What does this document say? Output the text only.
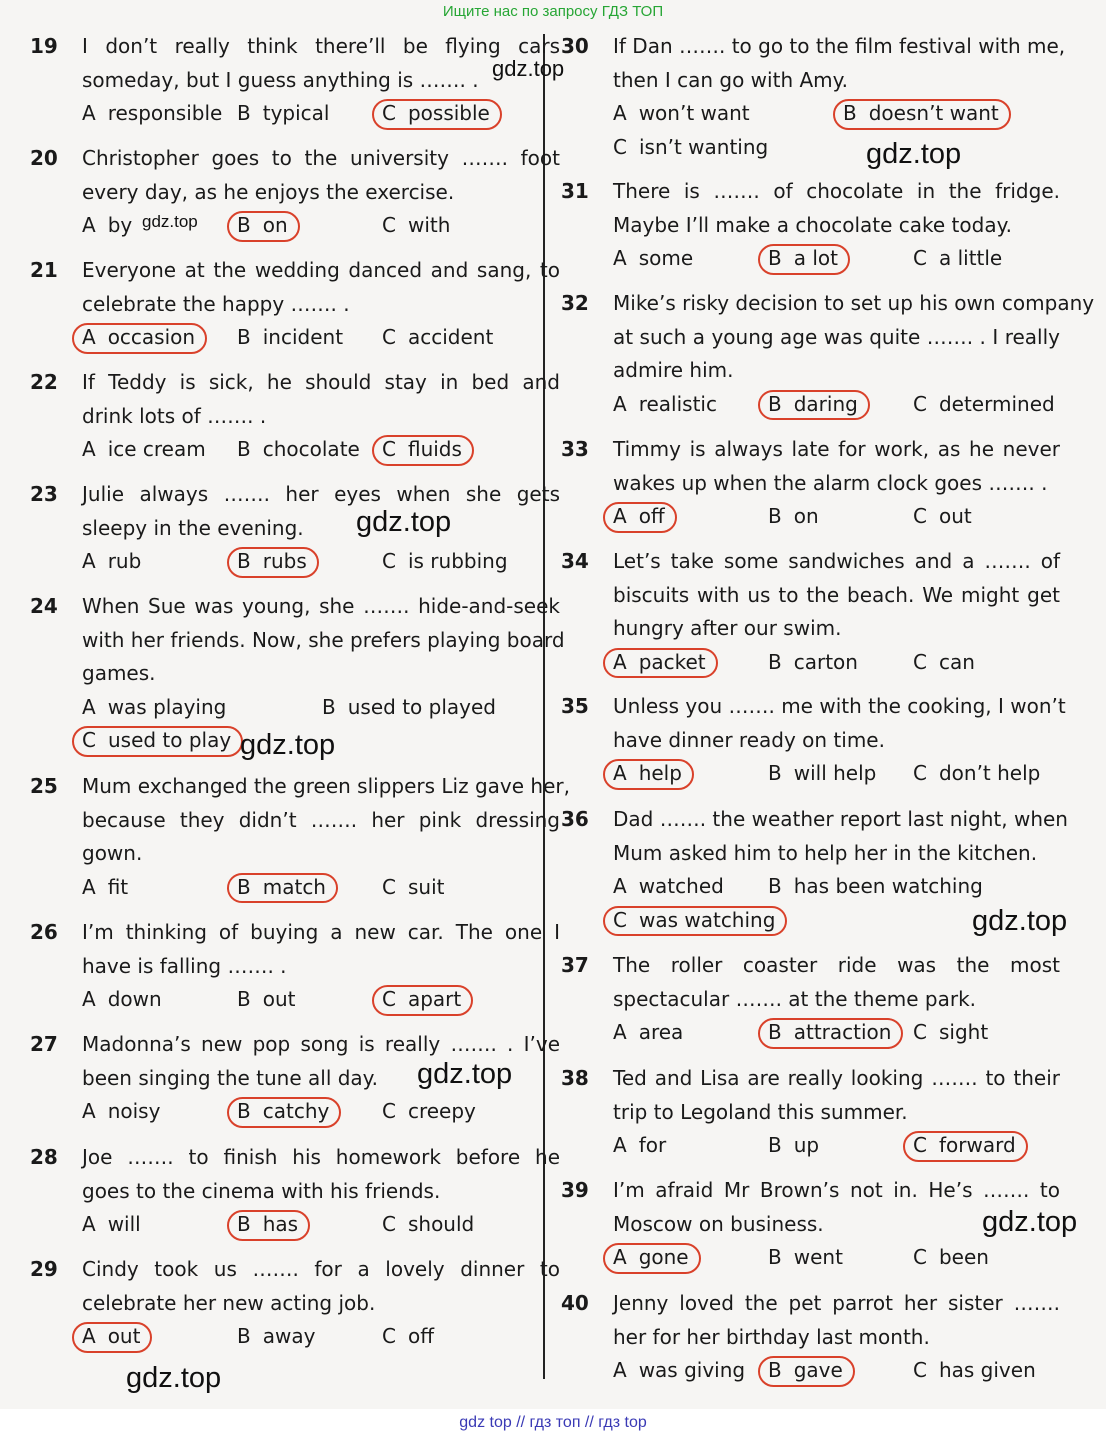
Ищите нас по запросу ГДЗ ТОП
19 I don’t really think there’ll be flying cars
someday, but I guess anything is ……. .
A responsible B typical	C possible
20 Christopher goes to the university ……. foot
every day, as he enjoys the exercise.
A by	B on	C with
21 Everyone at the wedding danced and sang, to
celebrate the happy ……. .
A occasion B incident C accident
22 If Teddy is sick, he should stay in bed and
drink lots of ……. .
A ice cream B chocolate C fluids
23 Julie always ……. her eyes when she gets
sleepy in the evening.
A rub	B rubs	C is rubbing
24 When Sue was young, she ……. hide-and-seek
with her friends. Now, she prefers playing board
games.
A was playing	B used to played
C used to play
25 Mum exchanged the green slippers Liz gave her,
because they didn’t ……. her pink dressing
gown.
A fit	B match	C suit
26 I’m thinking of buying a new car. The one I
have is falling ……. .
A down	B out	C apart
27 Madonna’s new pop song is really ……. . I’ve
been singing the tune all day.
A noisy	B catchy	C creepy
28 Joe ……. to finish his homework before he
goes to the cinema with his friends.
A will	B has	C should
29 Cindy took us ……. for a lovely dinner to
celebrate her new acting job.
A out	B away	C off
30 If Dan ……. to go to the film festival with me,
then I can go with Amy.
A won’t want	B doesn’t want
C isn’t wanting
31 There is ……. of chocolate in the fridge.
Maybe I’ll make a chocolate cake today.
A some	B a lot	C a little
32 Mike’s risky decision to set up his own company
at such a young age was quite ……. . I really
admire him.
A realistic	B daring	C determined
33 Timmy is always late for work, as he never
wakes up when the alarm clock goes ……. .
A off	B on	C out
34 Let’s take some sandwiches and a ……. of
biscuits with us to the beach. We might get
hungry after our swim.
A packet	B carton	C can
35 Unless you ……. me with the cooking, I won’t
have dinner ready on time.
A help	B will help C don’t help
36 Dad ……. the weather report last night, when
Mum asked him to help her in the kitchen.
A watched B has been watching
C was watching
37 The roller coaster ride was the most
spectacular ……. at the theme park.
A area	B attraction C sight
38 Ted and Lisa are really looking ……. to their
trip to Legoland this summer.
A for	B up	C forward
39 I’m afraid Mr Brown’s not in. He’s ……. to
Moscow on business.
A gone	B went	C been
40 Jenny loved the pet parrot her sister …….
her for her birthday last month.
A was giving B gave	C has given
gdz.top
gdz.top
gdz.top
gdz.top
gdz.top
gdz.top
gdz.top
gdz.top
gdz.top
gdz top // гдз топ // гдз top
